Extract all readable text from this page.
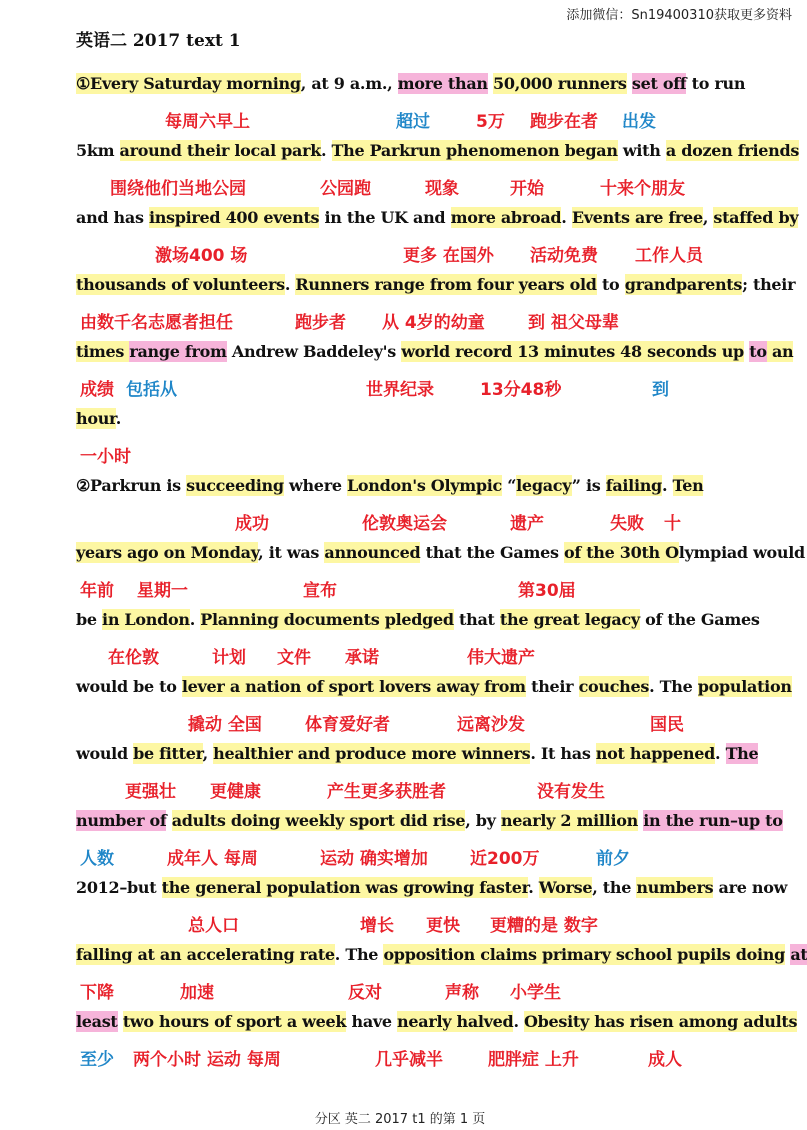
添加微信：Sn19400310获取更多资料
英语二 2017 text 1
①Every Saturday morning, at 9 a.m., more than 50,000 runners set off to run
每周六早上	超过	5万 跑步在者 出发
5km around their local park. The Parkrun phenomenon began with a dozen friends
围绕他们当地公园	公园跑	现象	开始	十来个朋友
and has inspired 400 events in the UK and more abroad. Events are free, staffed by
激场400 场	更多 在国外 活动免费 工作人员
thousands of volunteers. Runners range from four years old to grandparents; their
由数千名志愿者担任	跑步者 从 4岁的幼童	到 祖父母辈
times range from Andrew Baddeley's world record 13 minutes 48 seconds up to an
成绩 包括从	世界纪录	13分48秒	到
hour.
一小时
②Parkrun is succeeding where London's Olympic “legacy” is failing. Ten
成功	伦敦奥运会	遗产	失败 十
years ago on Monday, it was announced that the Games of the 30th Olympiad would
年前 星期一	宣布	第30届
be in London. Planning documents pledged that the great legacy of the Games
在伦敦	计划 文件 承诺	伟大遗产
would be to lever a nation of sport lovers away from their couches. The population
撬动 全国	体育爱好者	远离沙发	国民
would be fitter, healthier and produce more winners. It has not happened. The
更强壮 更健康	产生更多获胜者	没有发生
number of adults doing weekly sport did rise, by nearly 2 million in the run–up to
人数	成年人 每周	运动 确实增加 近200万	前夕
2012–but the general population was growing faster. Worse, the numbers are now
总人口	增长 更快 更糟的是 数字
falling at an accelerating rate. The opposition claims primary school pupils doing at
下降	加速	反对	声称 小学生
least two hours of sport a week have nearly halved. Obesity has risen among adults
至少 两个小时 运动 每周	几乎减半	肥胖症 上升	成人
分区 英二 2017 t1 的第 1 页
